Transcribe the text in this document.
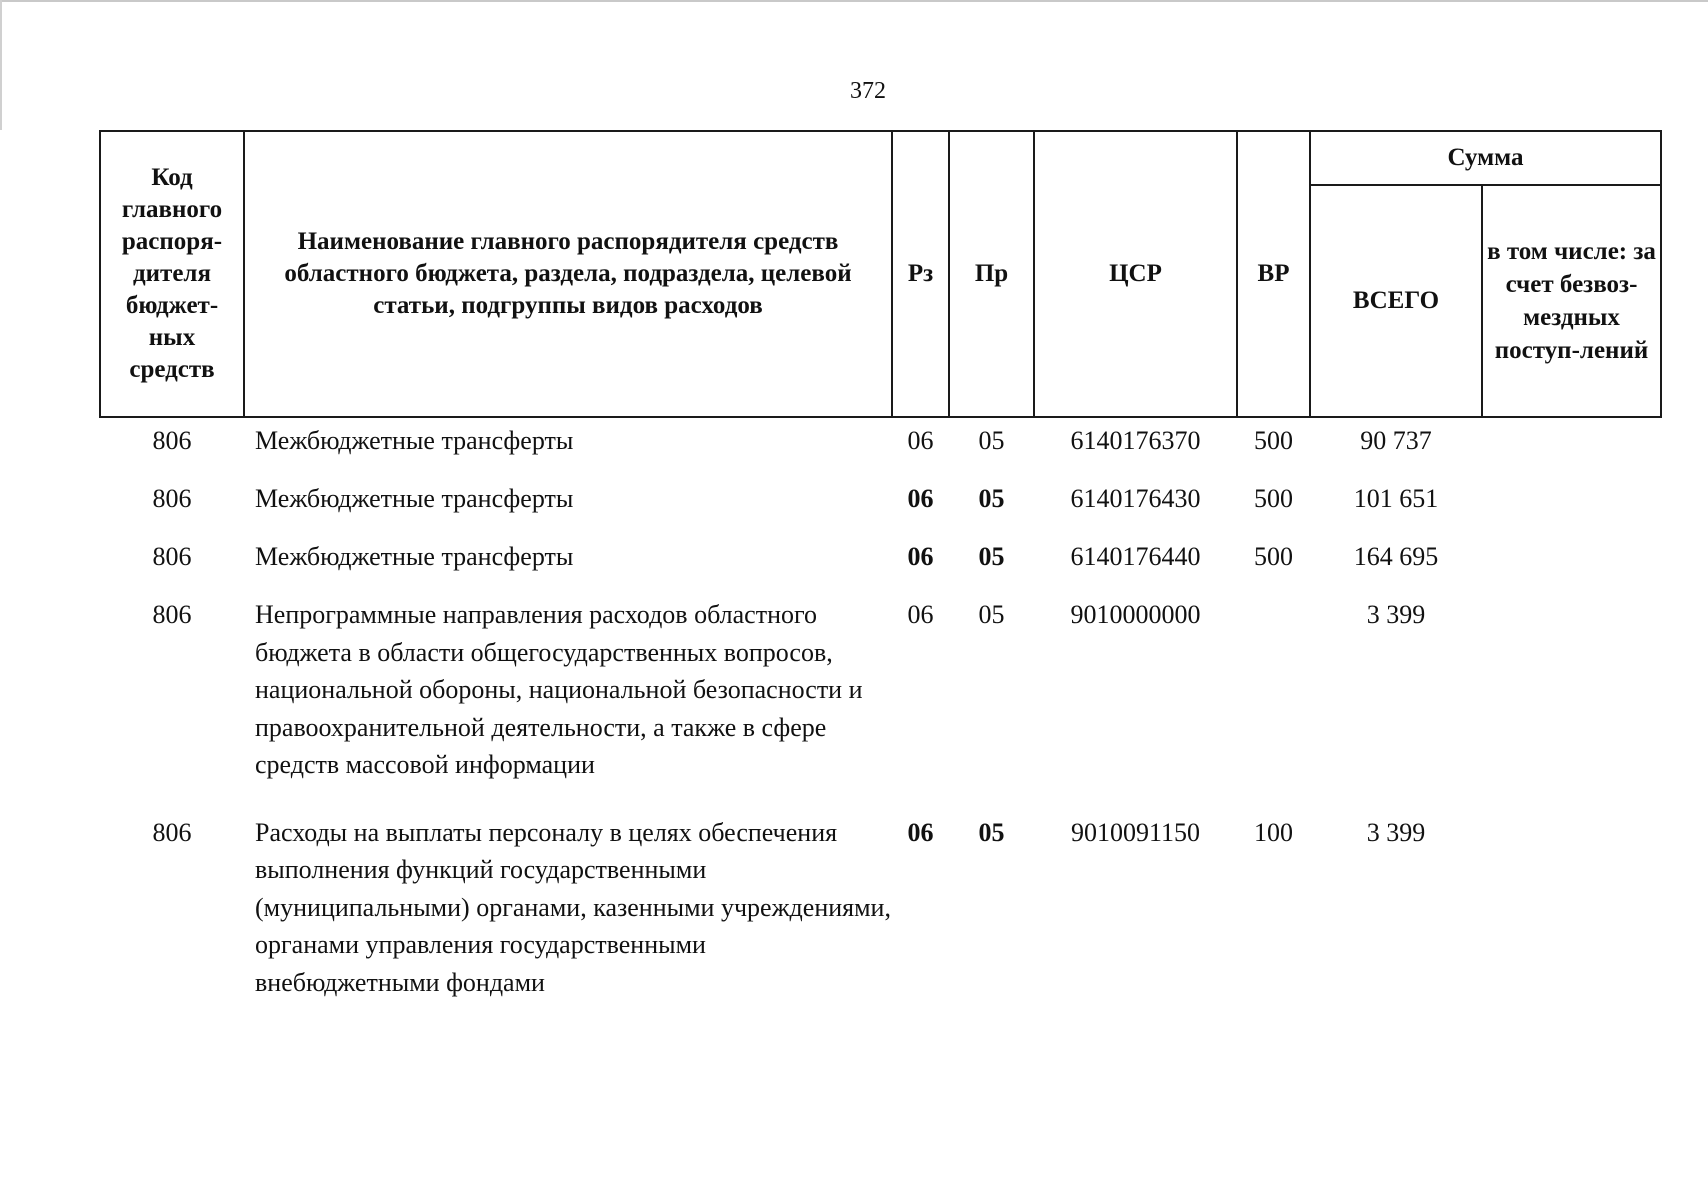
372
Код главного распоря-дителя бюджет-ных средств	Наименование главного распорядителя средств областного бюджета, раздела, подраздела, целевой статьи, подгруппы видов расходов	Рз	Пр	ЦСР	ВР	Сумма	
						ВСЕГО	в том числе: за счет безвоз-мездных поступ-лений
806	Межбюджетные трансферты	06	05	6140176370	500	90 737	
806	Межбюджетные трансферты	06	05	6140176430	500	101 651	
806	Межбюджетные трансферты	06	05	6140176440	500	164 695	
806	Непрограммные направления расходов областного бюджета в области общегосударственных вопросов, национальной обороны, национальной безопасности и правоохранительной деятельности, а также в сфере средств массовой информации	06	05	9010000000		3 399	
806	Расходы на выплаты персоналу в целях обеспечения выполнения функций государственными (муниципальными) органами, казенными учреждениями, органами управления государственными внебюджетными фондами	06	05	9010091150	100	3 399	
